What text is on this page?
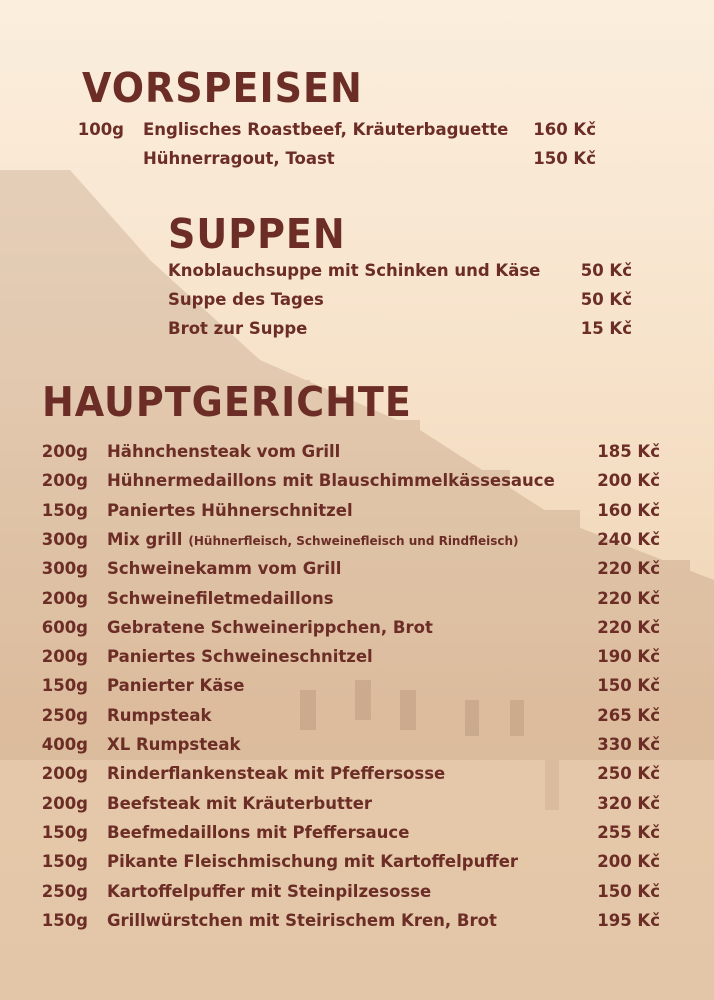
VORSPEISEN
100g Englisches Roastbeef, Kräuterbaguette	160 Kč
Hühnerragout, Toast	150 Kč
SUPPEN
Knoblauchsuppe mit Schinken und Käse	50 Kč
Suppe des Tages	50 Kč
Brot zur Suppe	15 Kč
HAUPTGERICHTE
200g Hähnchensteak vom Grill	185 Kč
200g Hühnermedaillons mit Blauschimmelkässesauce	200 Kč
150g Paniertes Hühnerschnitzel	160 Kč
300g Mix grill (Hühnerfleisch, Schweinefleisch und Rindfleisch)	240 Kč
300g Schweinekamm vom Grill	220 Kč
200g Schweinefiletmedaillons	220 Kč
600g Gebratene Schweinerippchen, Brot	220 Kč
200g Paniertes Schweineschnitzel	190 Kč
150g Panierter Käse	150 Kč
250g Rumpsteak	265 Kč
400g XL Rumpsteak	330 Kč
200g Rinderflankensteak mit Pfeffersosse	250 Kč
200g Beefsteak mit Kräuterbutter	320 Kč
150g Beefmedaillons mit Pfeffersauce	255 Kč
150g Pikante Fleischmischung mit Kartoffelpuffer	200 Kč
250g Kartoffelpuffer mit Steinpilzesosse	150 Kč
150g Grillwürstchen mit Steirischem Kren, Brot	195 Kč
